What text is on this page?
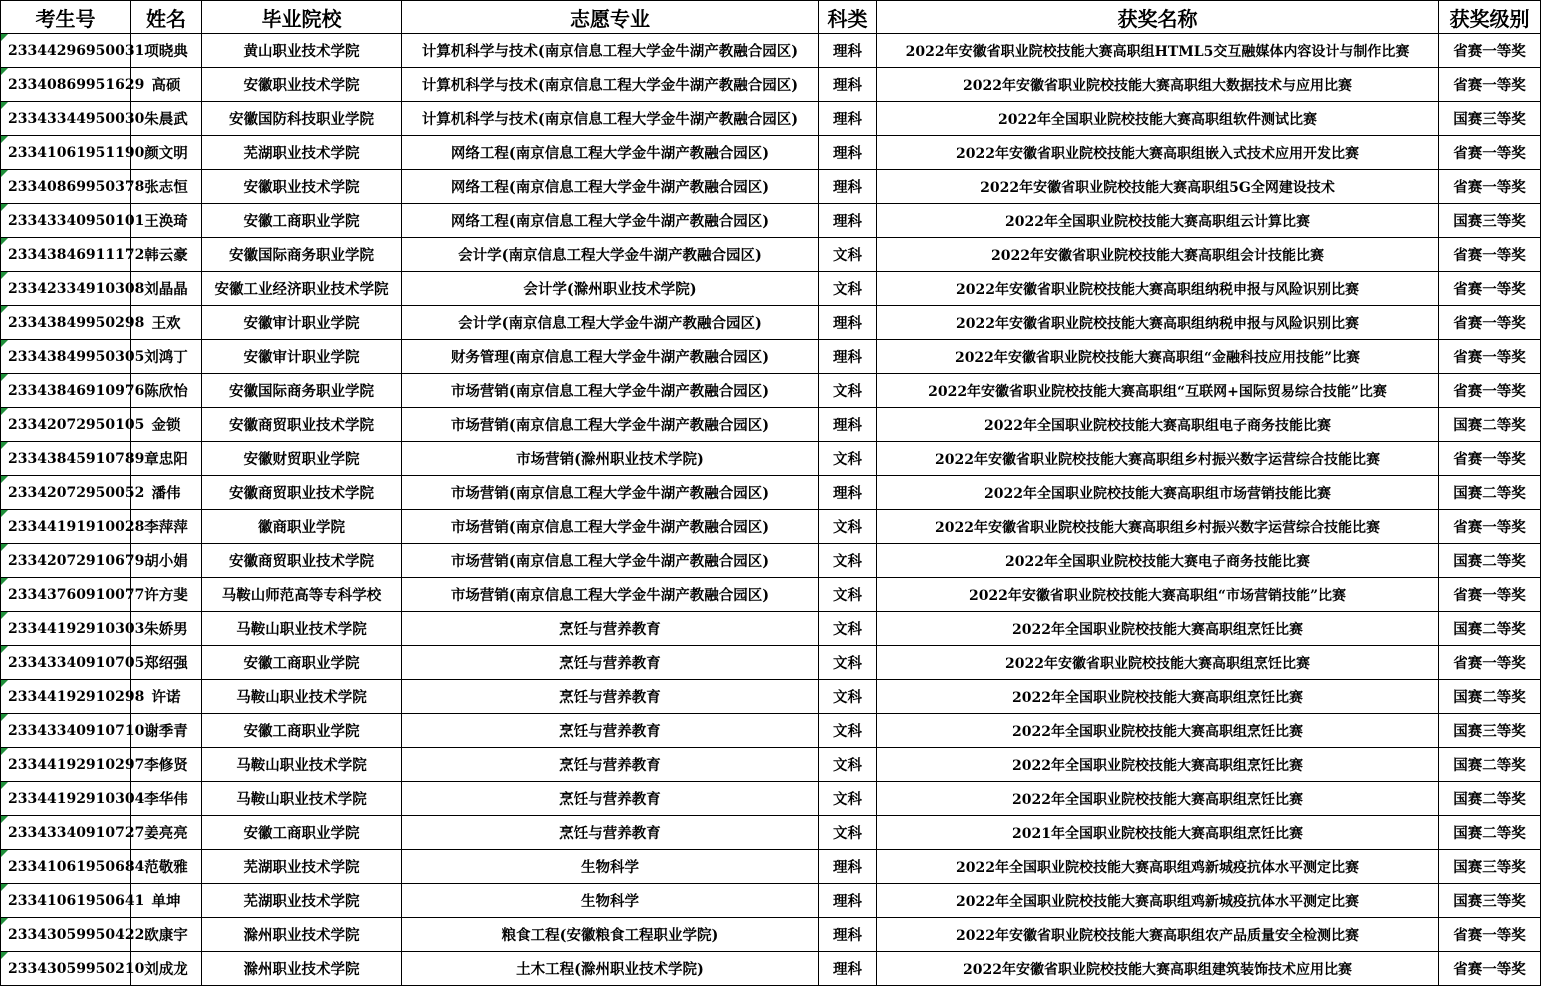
考生号	姓名	毕业院校	志愿专业	科类	获奖名称	获奖级别

23344296950031	项晓典	黄山职业技术学院	计算机科学与技术(南京信息工程大学金牛湖产教融合园区)	理科	2022年安徽省职业院校技能大赛高职组HTML5交互融媒体内容设计与制作比赛	省赛一等奖

23340869951629	高硕	安徽职业技术学院	计算机科学与技术(南京信息工程大学金牛湖产教融合园区)	理科	2022年安徽省职业院校技能大赛高职组大数据技术与应用比赛	省赛一等奖

23343344950030	朱晨武	安徽国防科技职业学院	计算机科学与技术(南京信息工程大学金牛湖产教融合园区)	理科	2022年全国职业院校技能大赛高职组软件测试比赛	国赛三等奖

23341061951190	颜文明	芜湖职业技术学院	网络工程(南京信息工程大学金牛湖产教融合园区)	理科	2022年安徽省职业院校技能大赛高职组嵌入式技术应用开发比赛	省赛一等奖

23340869950378	张志恒	安徽职业技术学院	网络工程(南京信息工程大学金牛湖产教融合园区)	理科	2022年安徽省职业院校技能大赛高职组5G全网建设技术	省赛一等奖

23343340950101	王涣琦	安徽工商职业学院	网络工程(南京信息工程大学金牛湖产教融合园区)	理科	2022年全国职业院校技能大赛高职组云计算比赛	国赛三等奖

23343846911172	韩云豪	安徽国际商务职业学院	会计学(南京信息工程大学金牛湖产教融合园区)	文科	2022年安徽省职业院校技能大赛高职组会计技能比赛	省赛一等奖

23342334910308	刘晶晶	安徽工业经济职业技术学院	会计学(滁州职业技术学院)	文科	2022年安徽省职业院校技能大赛高职组纳税申报与风险识别比赛	省赛一等奖

23343849950298	王欢	安徽审计职业学院	会计学(南京信息工程大学金牛湖产教融合园区)	理科	2022年安徽省职业院校技能大赛高职组纳税申报与风险识别比赛	省赛一等奖

23343849950305	刘鸿丁	安徽审计职业学院	财务管理(南京信息工程大学金牛湖产教融合园区)	理科	2022年安徽省职业院校技能大赛高职组“金融科技应用技能”比赛	省赛一等奖

23343846910976	陈欣怡	安徽国际商务职业学院	市场营销(南京信息工程大学金牛湖产教融合园区)	文科	2022年安徽省职业院校技能大赛高职组“互联网+国际贸易综合技能”比赛	省赛一等奖

23342072950105	金锁	安徽商贸职业技术学院	市场营销(南京信息工程大学金牛湖产教融合园区)	理科	2022年全国职业院校技能大赛高职组电子商务技能比赛	国赛二等奖

23343845910789	章忠阳	安徽财贸职业学院	市场营销(滁州职业技术学院)	文科	2022年安徽省职业院校技能大赛高职组乡村振兴数字运营综合技能比赛	省赛一等奖

23342072950052	潘伟	安徽商贸职业技术学院	市场营销(南京信息工程大学金牛湖产教融合园区)	理科	2022年全国职业院校技能大赛高职组市场营销技能比赛	国赛二等奖

23344191910028	李萍萍	徽商职业学院	市场营销(南京信息工程大学金牛湖产教融合园区)	文科	2022年安徽省职业院校技能大赛高职组乡村振兴数字运营综合技能比赛	省赛一等奖

23342072910679	胡小娟	安徽商贸职业技术学院	市场营销(南京信息工程大学金牛湖产教融合园区)	文科	2022年全国职业院校技能大赛电子商务技能比赛	国赛二等奖

23343760910077	许方斐	马鞍山师范高等专科学校	市场营销(南京信息工程大学金牛湖产教融合园区)	文科	2022年安徽省职业院校技能大赛高职组“市场营销技能”比赛	省赛一等奖

23344192910303	朱娇男	马鞍山职业技术学院	烹饪与营养教育	文科	2022年全国职业院校技能大赛高职组烹饪比赛	国赛二等奖

23343340910705	郑绍强	安徽工商职业学院	烹饪与营养教育	文科	2022年安徽省职业院校技能大赛高职组烹饪比赛	省赛一等奖

23344192910298	许诺	马鞍山职业技术学院	烹饪与营养教育	文科	2022年全国职业院校技能大赛高职组烹饪比赛	国赛二等奖

23343340910710	谢季青	安徽工商职业学院	烹饪与营养教育	文科	2022年全国职业院校技能大赛高职组烹饪比赛	国赛三等奖

23344192910297	李修贤	马鞍山职业技术学院	烹饪与营养教育	文科	2022年全国职业院校技能大赛高职组烹饪比赛	国赛二等奖

23344192910304	李华伟	马鞍山职业技术学院	烹饪与营养教育	文科	2022年全国职业院校技能大赛高职组烹饪比赛	国赛二等奖

23343340910727	姜亮亮	安徽工商职业学院	烹饪与营养教育	文科	2021年全国职业院校技能大赛高职组烹饪比赛	国赛二等奖

23341061950684	范敬雅	芜湖职业技术学院	生物科学	理科	2022年全国职业院校技能大赛高职组鸡新城疫抗体水平测定比赛	国赛三等奖

23341061950641	单坤	芜湖职业技术学院	生物科学	理科	2022年全国职业院校技能大赛高职组鸡新城疫抗体水平测定比赛	国赛三等奖

23343059950422	欧康宇	滁州职业技术学院	粮食工程(安徽粮食工程职业学院)	理科	2022年安徽省职业院校技能大赛高职组农产品质量安全检测比赛	省赛一等奖

23343059950210	刘成龙	滁州职业技术学院	土木工程(滁州职业技术学院)	理科	2022年安徽省职业院校技能大赛高职组建筑装饰技术应用比赛	省赛一等奖
